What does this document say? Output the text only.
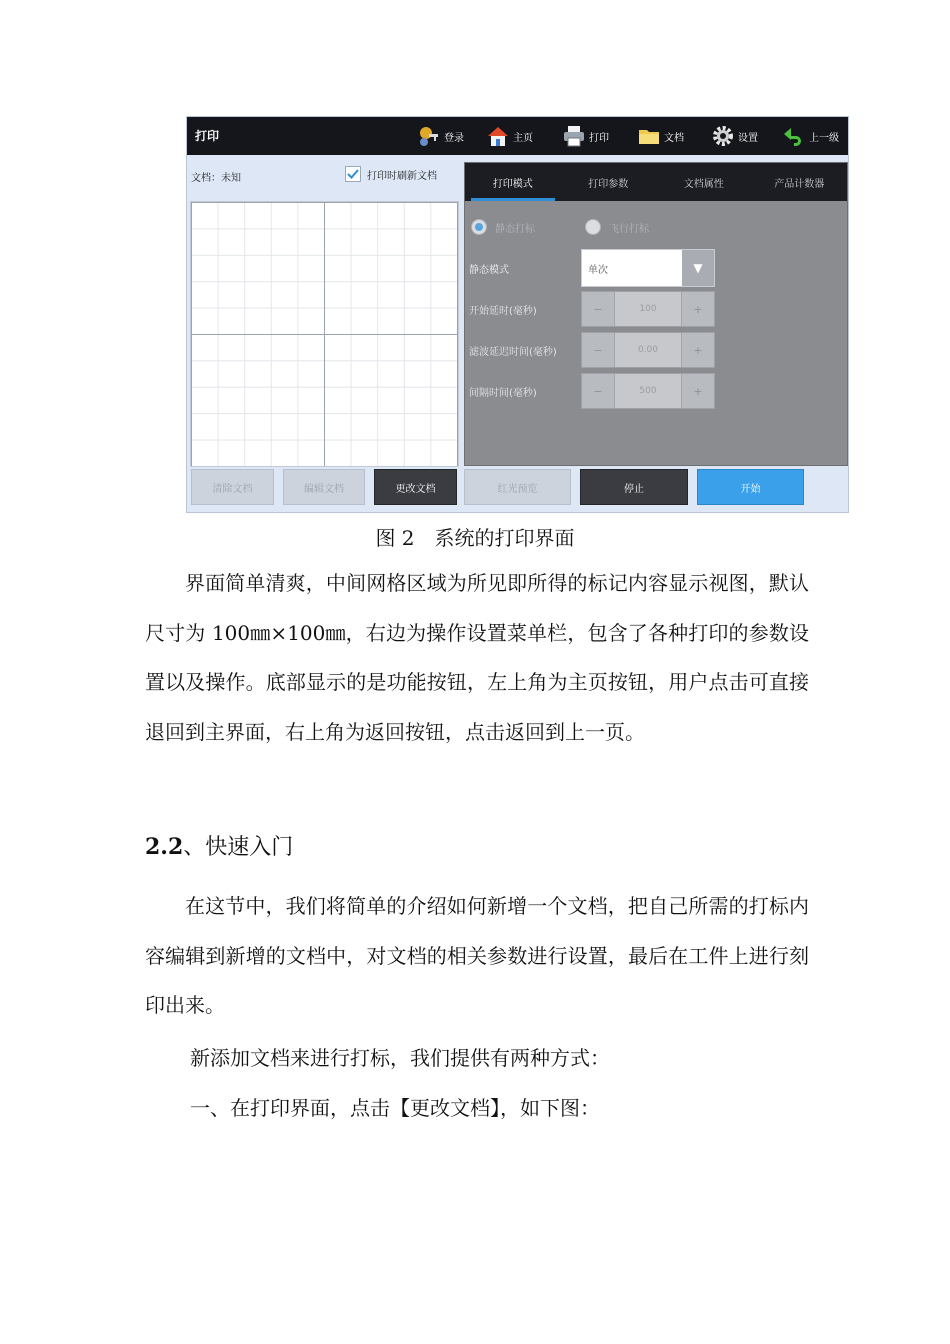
打印	登录	主页	打印	文档	设置	上一级
文档：未知	打印时刷新文档
打印模式	打印参数	文档属性	产品计数器
静态打标	飞行打标
静态模式	单次	▼
开始延时(毫秒)	−	100	+
滤波延迟时间(毫秒)	−	0.00	+
间隔时间(毫秒)	−	500	+
清除文档	编辑文档	更改文档	红光预览	停止	开始
图 2　系统的打印界面

界面简单清爽，中间网格区域为所见即所得的标记内容显示视图，默认尺寸为 100㎜×100㎜，右边为操作设置菜单栏，包含了各种打印的参数设置以及操作。底部显示的是功能按钮，左上角为主页按钮，用户点击可直接退回到主界面，右上角为返回按钮，点击返回到上一页。

2.2、快速入门

在这节中，我们将简单的介绍如何新增一个文档，把自己所需的打标内容编辑到新增的文档中，对文档的相关参数进行设置，最后在工件上进行刻印出来。

新添加文档来进行打标，我们提供有两种方式：

一、在打印界面，点击【更改文档】，如下图：
